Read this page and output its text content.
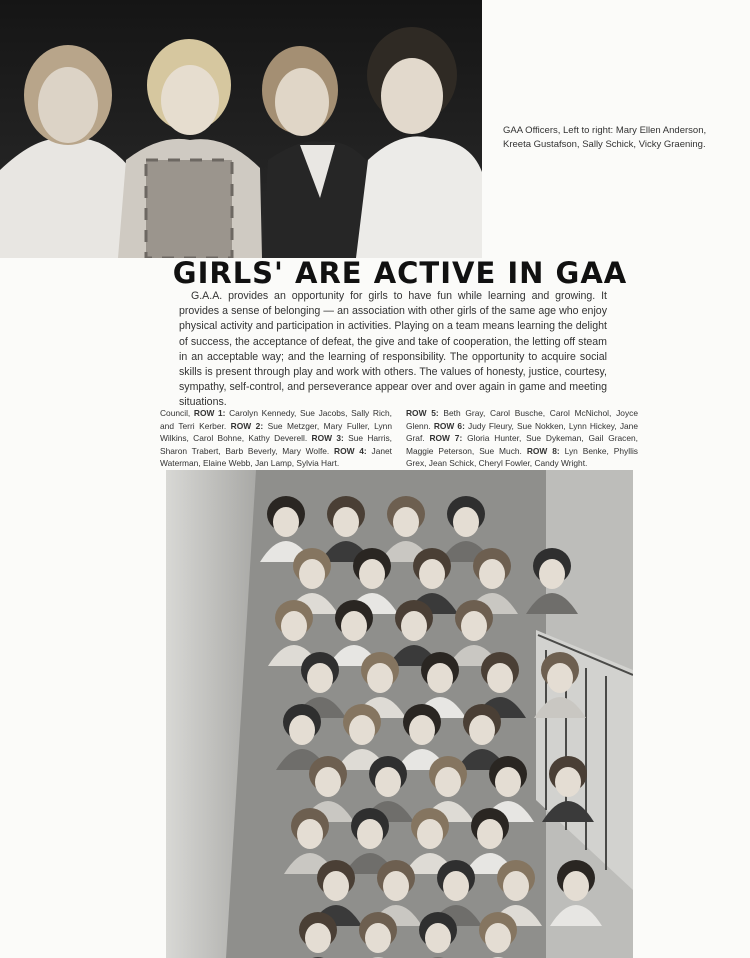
GAA Officers, Left to right: Mary Ellen Anderson, Kreeta Gustafson, Sally Schick, Vicky Graening.
GIRLS' ARE ACTIVE IN GAA

G.A.A. provides an opportunity for girls to have fun while learning and growing. It provides a sense of belonging — an association with other girls of the same age who enjoy physical activity and participation in activities. Playing on a team means learning the delight of success, the acceptance of defeat, the give and take of cooperation, the letting off steam in an acceptable way; and the learning of responsibility. The opportunity to acquire social skills is present through play and work with others. The values of honesty, justice, courtesy, sympathy, self-control, and perseverance appear over and over again in game and meeting situations.

Council, ROW 1: Carolyn Kennedy, Sue Jacobs, Sally Rich, and Terri Kerber. ROW 2: Sue Metzger, Mary Fuller, Lynn Wilkins, Carol Bohne, Kathy Deverell. ROW 3: Sue Harris, Sharon Trabert, Barb Beverly, Mary Wolfe. ROW 4: Janet Waterman, Elaine Webb, Jan Lamp, Sylvia Hart.
ROW 5: Beth Gray, Carol Busche, Carol McNichol, Joyce Glenn. ROW 6: Judy Fleury, Sue Nokken, Lynn Hickey, Jane Graf. ROW 7: Gloria Hunter, Sue Dykeman, Gail Gracen, Maggie Peterson, Sue Much. ROW 8: Lyn Benke, Phyllis Grex, Jean Schick, Cheryl Fowler, Candy Wright.
